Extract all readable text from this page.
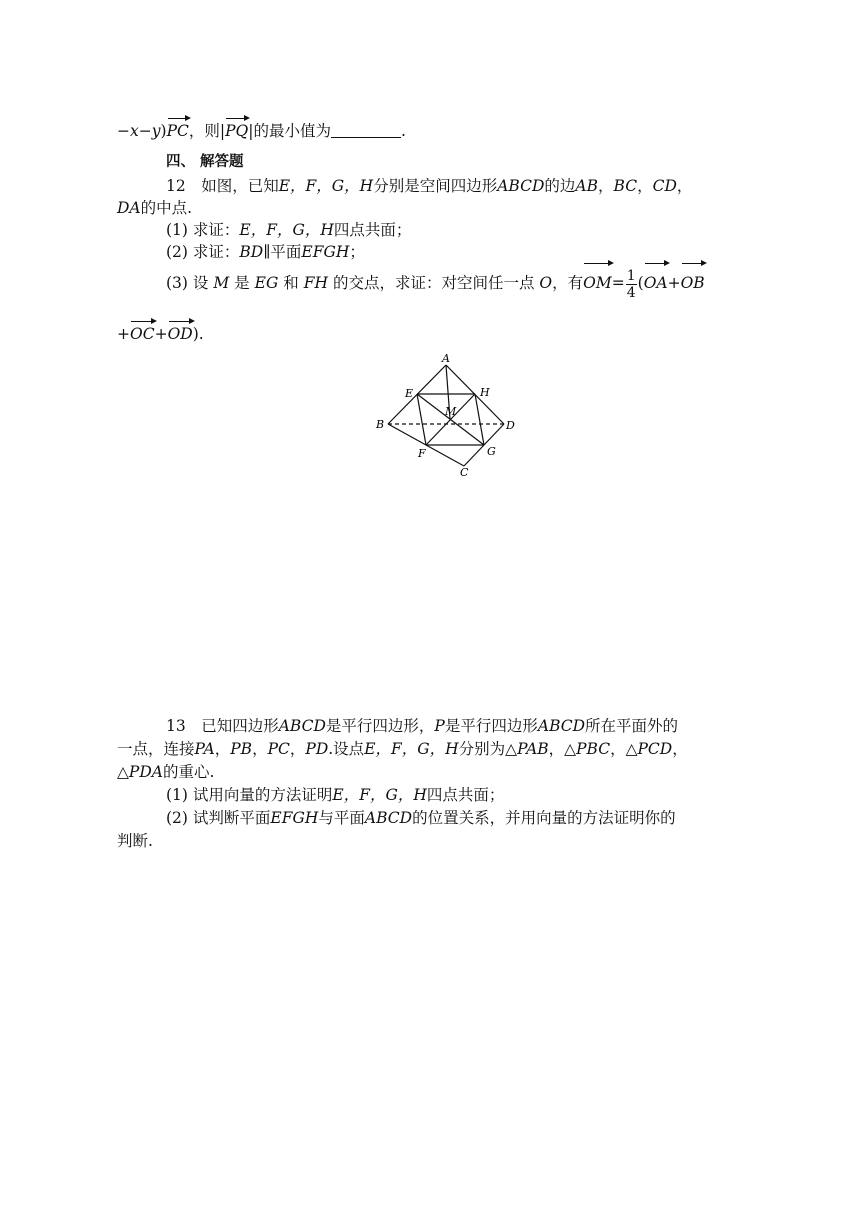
−x−y)PC，则|PQ|的最小值为	.
四、 解答题
12　如图，已知E，F，G，H分别是空间四边形ABCD的边AB，BC，CD，
DA的中点.
(1) 求证：E，F，G，H四点共面；
(2) 求证：BD∥平面EFGH；
(3) 设 M 是 EG 和 FH 的交点，求证：对空间任一点 O，有$OM= \frac{1}{4} (OA+OB$
+OC+OD).
A
E	H
M
B	D
F	G
C
13　已知四边形ABCD是平行四边形，P是平行四边形ABCD所在平面外的
一点，连接PA，PB，PC，PD.设点E，F，G，H分别为△PAB，△PBC，△PCD，
△PDA的重心.
(1) 试用向量的方法证明E，F，G，H四点共面；
(2) 试判断平面EFGH与平面ABCD的位置关系，并用向量的方法证明你的
判断.
